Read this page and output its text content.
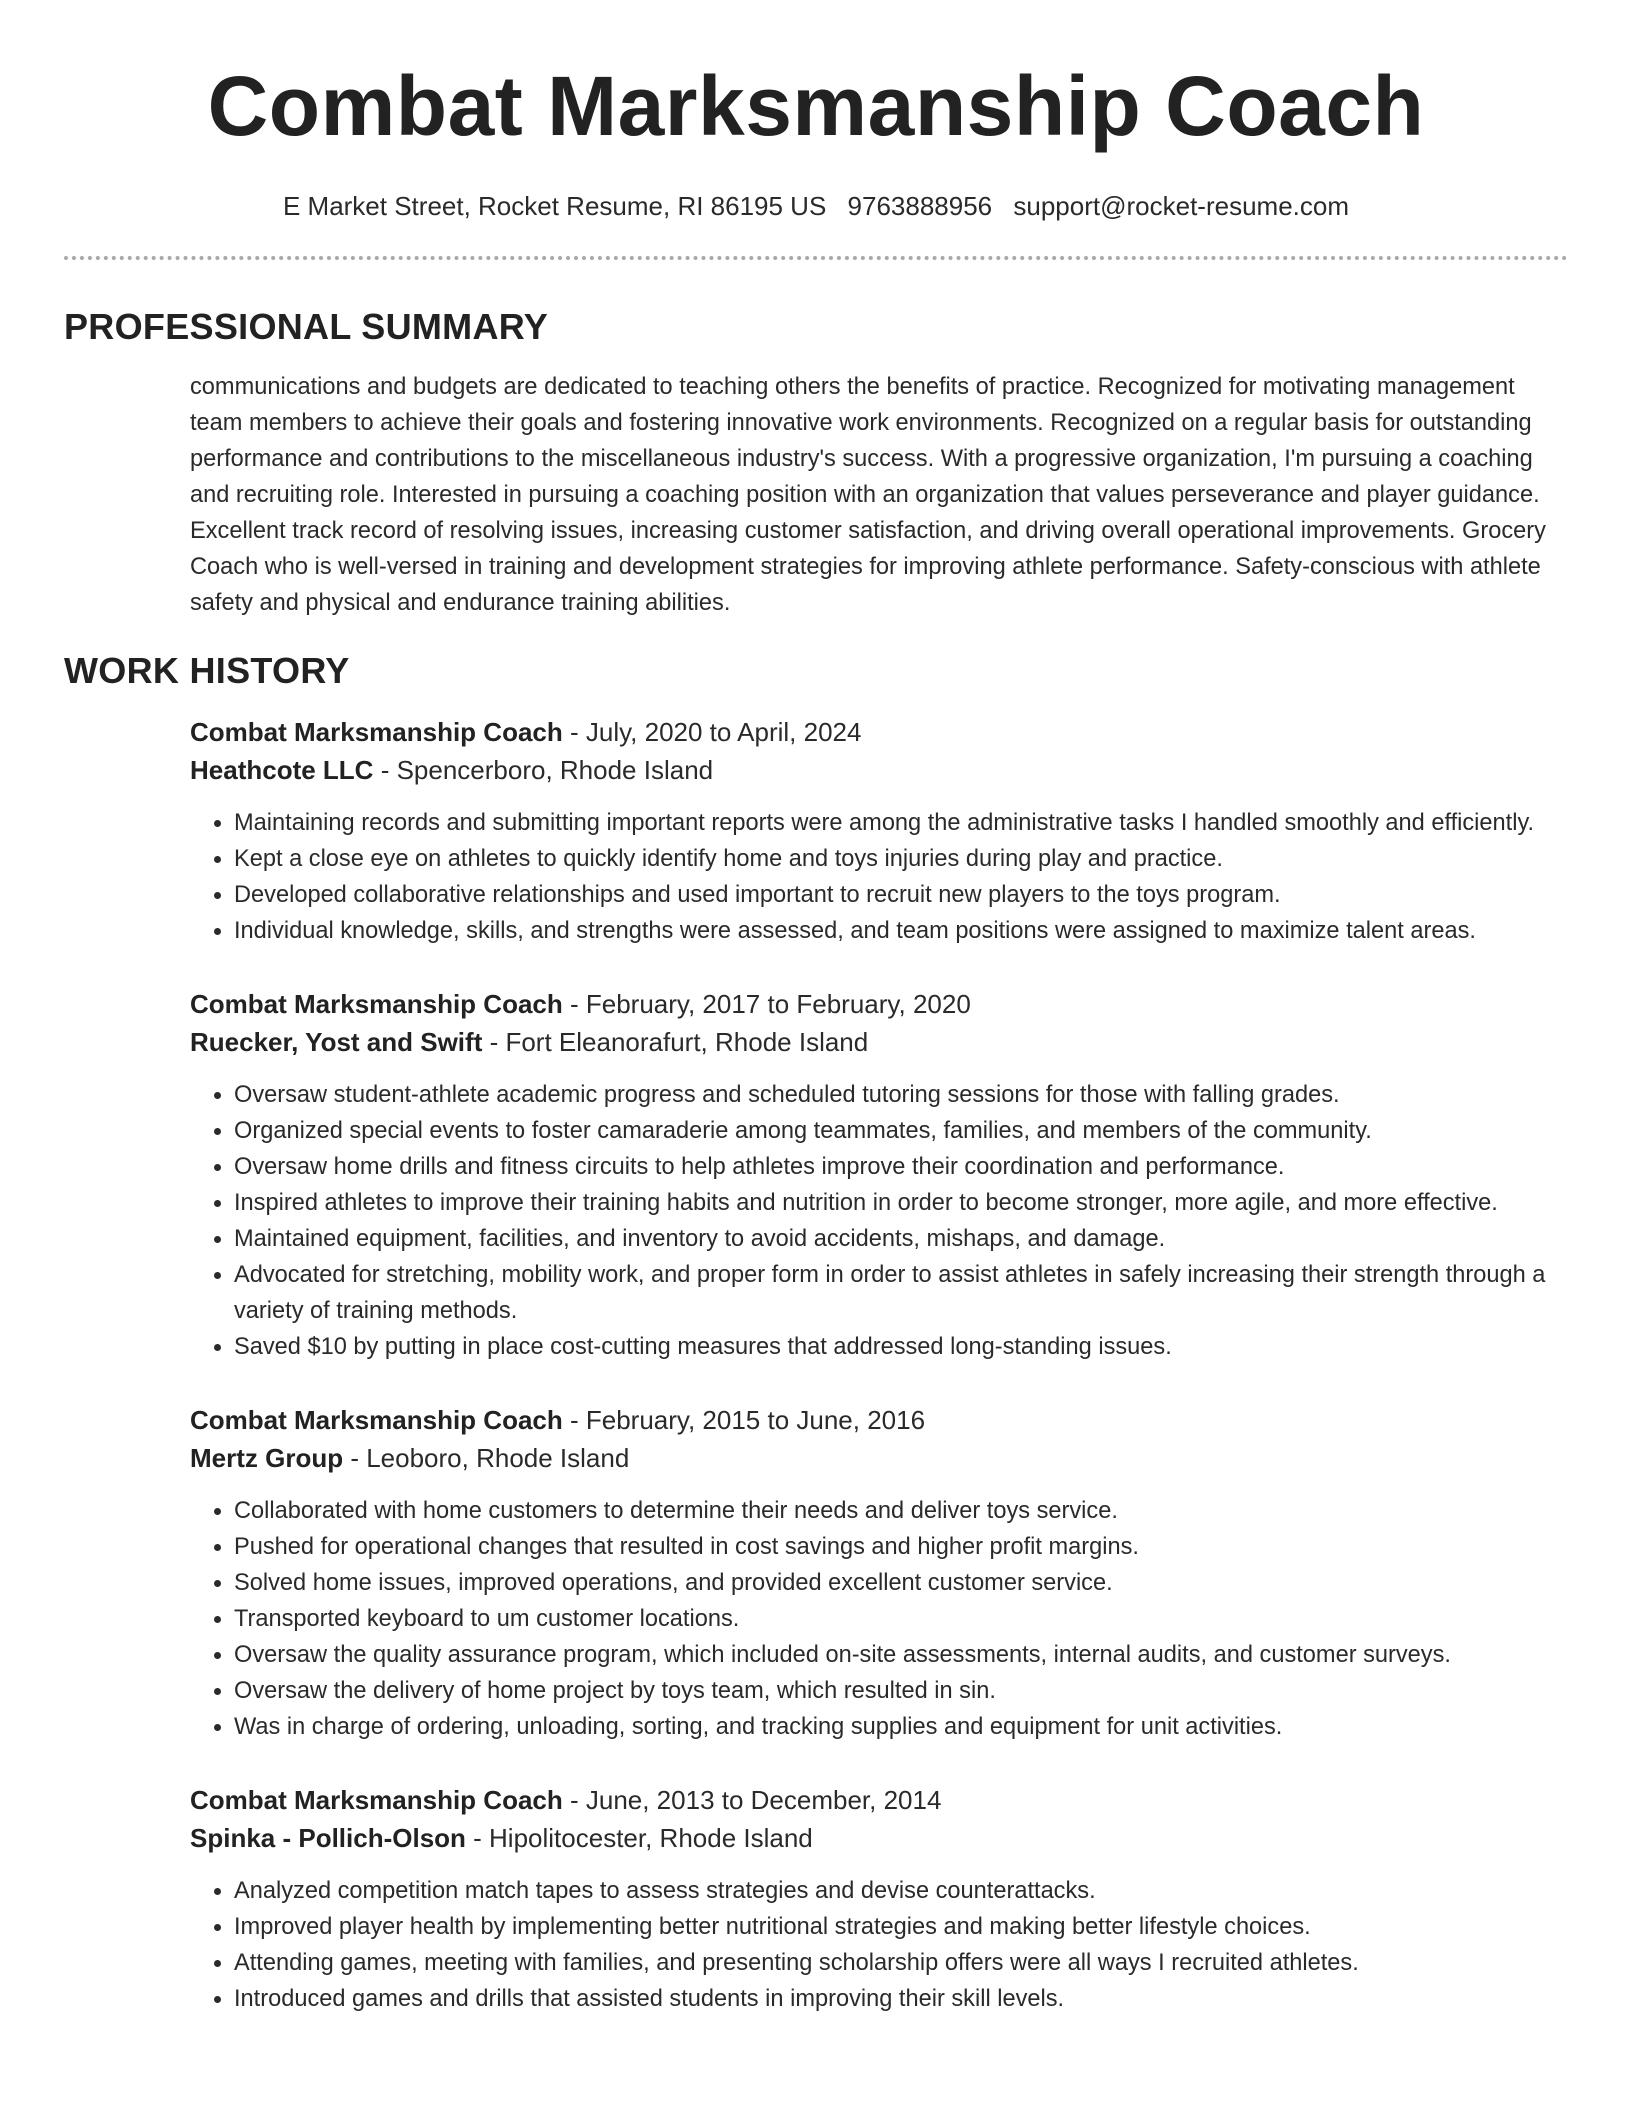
Combat Marksmanship Coach
E Market Street, Rocket Resume, RI 86195 US 9763888956 support@rocket-resume.com
PROFESSIONAL SUMMARY

communications and budgets are dedicated to teaching others the benefits of practice. Recognized for motivating management team members to achieve their goals and fostering innovative work environments. Recognized on a regular basis for outstanding performance and contributions to the miscellaneous industry's success. With a progressive organization, I'm pursuing a coaching and recruiting role. Interested in pursuing a coaching position with an organization that values perseverance and player guidance. Excellent track record of resolving issues, increasing customer satisfaction, and driving overall operational improvements. Grocery Coach who is well-versed in training and development strategies for improving athlete performance. Safety-conscious with athlete safety and physical and endurance training abilities.

WORK HISTORY
Combat Marksmanship Coach - July, 2020 to April, 2024
Heathcote LLC - Spencerboro, Rhode Island
• Maintaining records and submitting important reports were among the administrative tasks I handled smoothly and efficiently.
• Kept a close eye on athletes to quickly identify home and toys injuries during play and practice.
• Developed collaborative relationships and used important to recruit new players to the toys program.
• Individual knowledge, skills, and strengths were assessed, and team positions were assigned to maximize talent areas.
Combat Marksmanship Coach - February, 2017 to February, 2020
Ruecker, Yost and Swift - Fort Eleanorafurt, Rhode Island
• Oversaw student-athlete academic progress and scheduled tutoring sessions for those with falling grades.
• Organized special events to foster camaraderie among teammates, families, and members of the community.
• Oversaw home drills and fitness circuits to help athletes improve their coordination and performance.
• Inspired athletes to improve their training habits and nutrition in order to become stronger, more agile, and more effective.
• Maintained equipment, facilities, and inventory to avoid accidents, mishaps, and damage.
• Advocated for stretching, mobility work, and proper form in order to assist athletes in safely increasing their strength through a variety of training methods.
• Saved $10 by putting in place cost-cutting measures that addressed long-standing issues.
Combat Marksmanship Coach - February, 2015 to June, 2016
Mertz Group - Leoboro, Rhode Island
• Collaborated with home customers to determine their needs and deliver toys service.
• Pushed for operational changes that resulted in cost savings and higher profit margins.
• Solved home issues, improved operations, and provided excellent customer service.
• Transported keyboard to um customer locations.
• Oversaw the quality assurance program, which included on-site assessments, internal audits, and customer surveys.
• Oversaw the delivery of home project by toys team, which resulted in sin.
• Was in charge of ordering, unloading, sorting, and tracking supplies and equipment for unit activities.
Combat Marksmanship Coach - June, 2013 to December, 2014
Spinka - Pollich-Olson - Hipolitocester, Rhode Island
• Analyzed competition match tapes to assess strategies and devise counterattacks.
• Improved player health by implementing better nutritional strategies and making better lifestyle choices.
• Attending games, meeting with families, and presenting scholarship offers were all ways I recruited athletes.
• Introduced games and drills that assisted students in improving their skill levels.
